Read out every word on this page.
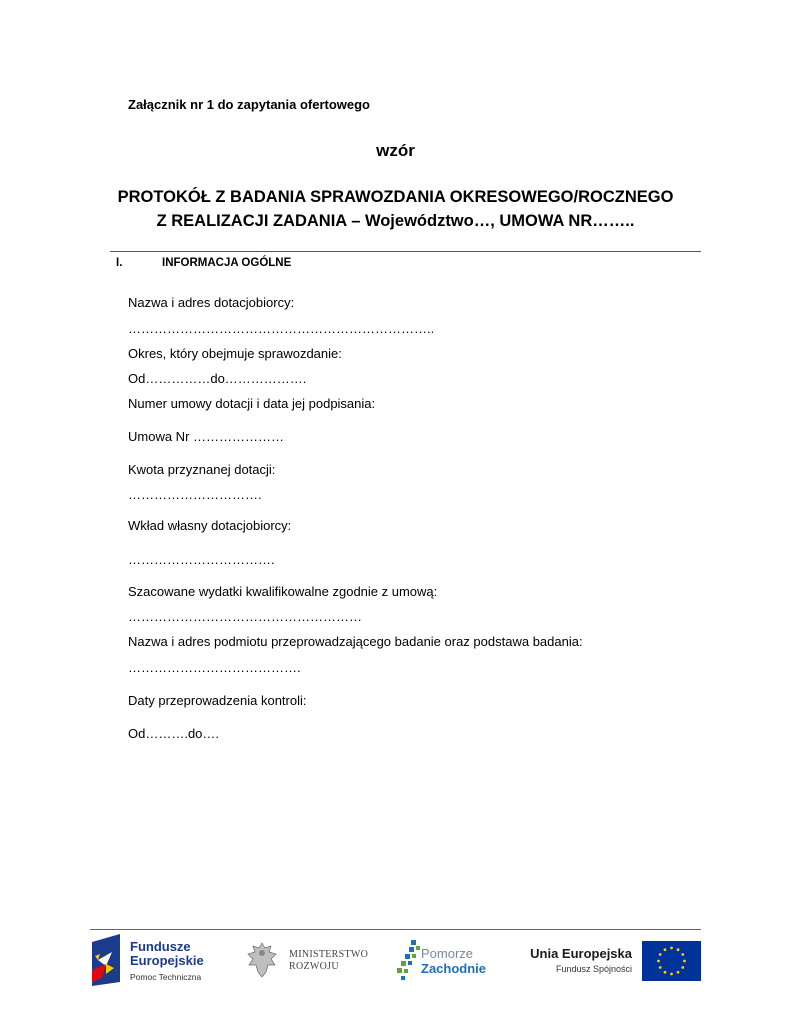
Załącznik nr 1 do zapytania ofertowego
wzór
PROTOKÓŁ Z BADANIA SPRAWOZDANIA OKRESOWEGO/ROCZNEGO
Z REALIZACJI ZADANIA – Województwo…, UMOWA NR……..
I.	INFORMACJA OGÓLNE
Nazwa i adres dotacjobiorcy:
……………………………………………………………..
Okres, który obejmuje sprawozdanie:
Od……………do……………….
Numer umowy dotacji i data jej podpisania:
Umowa Nr …………………
Kwota przyznanej dotacji:
………………………….
Wkład własny dotacjobiorcy:
…………………………….
Szacowane wydatki kwalifikowalne zgodnie z umową:
………………………………………………
Nazwa i adres podmiotu przeprowadzającego badanie oraz podstawa badania:
………………………………….
Daty przeprowadzenia kontroli:
Od……….do….
Fundusze
Europejskie
Pomoc Techniczna
MINISTERSTWO
ROZWOJU
Pomorze
Zachodnie
Unia Europejska
Fundusz Spójności
